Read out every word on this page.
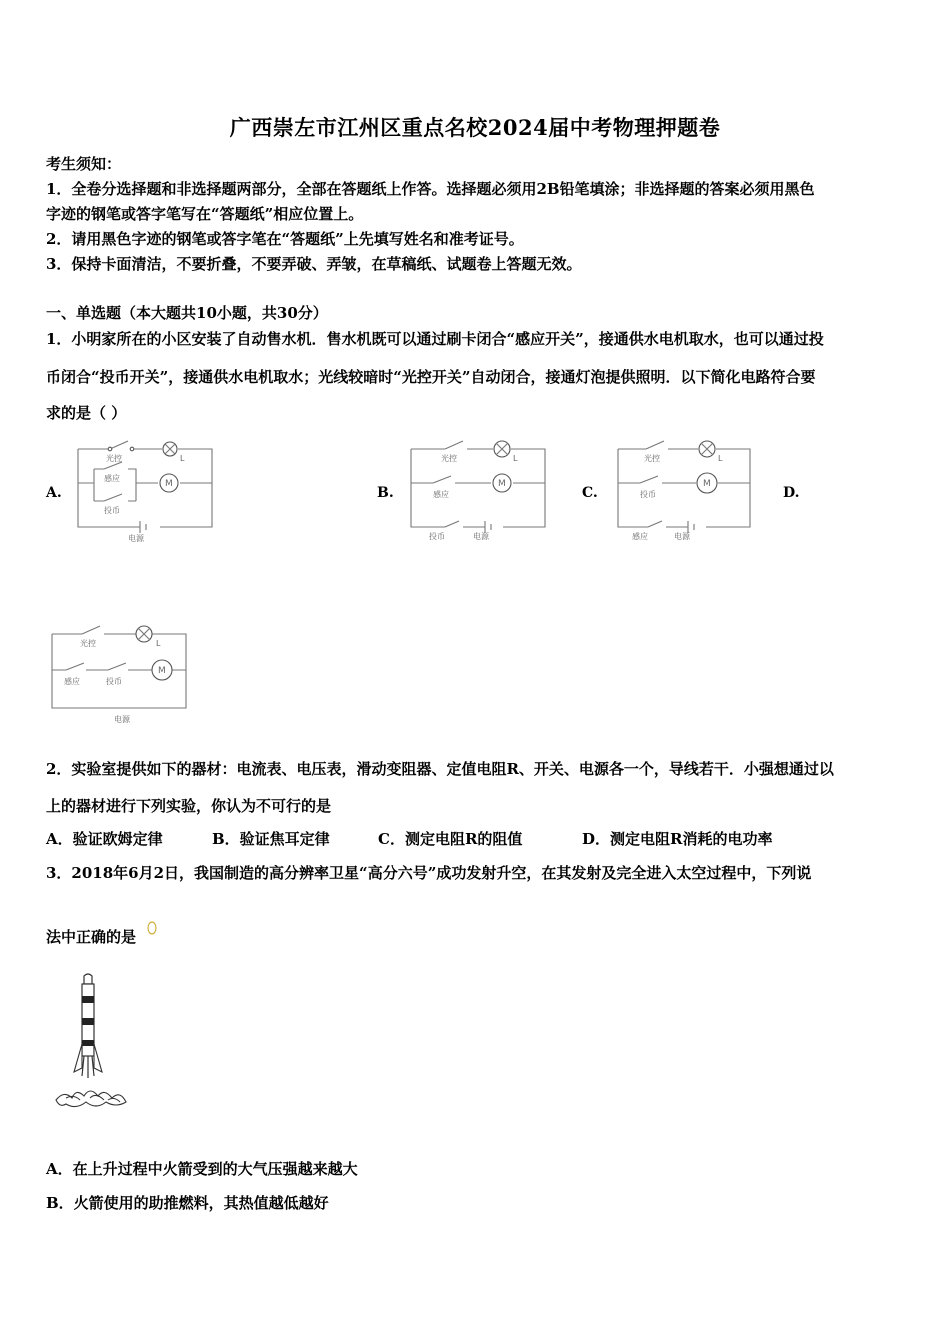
广西崇左市江州区重点名校2024届中考物理押题卷
考生须知：
1．全卷分选择题和非选择题两部分，全部在答题纸上作答。选择题必须用2B铅笔填涂；非选择题的答案必须用黑色
字迹的钢笔或答字笔写在“答题纸”相应位置上。
2．请用黑色字迹的钢笔或答字笔在“答题纸”上先填写姓名和准考证号。
3．保持卡面清洁，不要折叠，不要弄破、弄皱，在草稿纸、试题卷上答题无效。
一、单选题（本大题共10小题，共30分）
1．小明家所在的小区安装了自动售水机．售水机既可以通过刷卡闭合“感应开关”，接通供水电机取水，也可以通过投
币闭合“投币开关”，接通供水电机取水；光线较暗时“光控开关”自动闭合，接通灯泡提供照明．以下简化电路符合要
求的是（ ）
A.	B.	C.	D.
光控	L
感应
投币
M
电源
光控	L
感应
M
投币	电源
光控	L
投币
M
感应	电源
光控	L
感应	投币
M
电源
2．实验室提供如下的器材：电流表、电压表，滑动变阻器、定值电阻R、开关、电源各一个，导线若干．小强想通过以
上的器材进行下列实验，你认为不可行的是
A．验证欧姆定律	B．验证焦耳定律	C．测定电阻R的阻值	D．测定电阻R消耗的电功率
3．2018年6月2日，我国制造的高分辨率卫星“高分六号”成功发射升空，在其发射及完全进入太空过程中，下列说
法中正确的是
A．在上升过程中火箭受到的大气压强越来越大
B．火箭使用的助推燃料，其热值越低越好
